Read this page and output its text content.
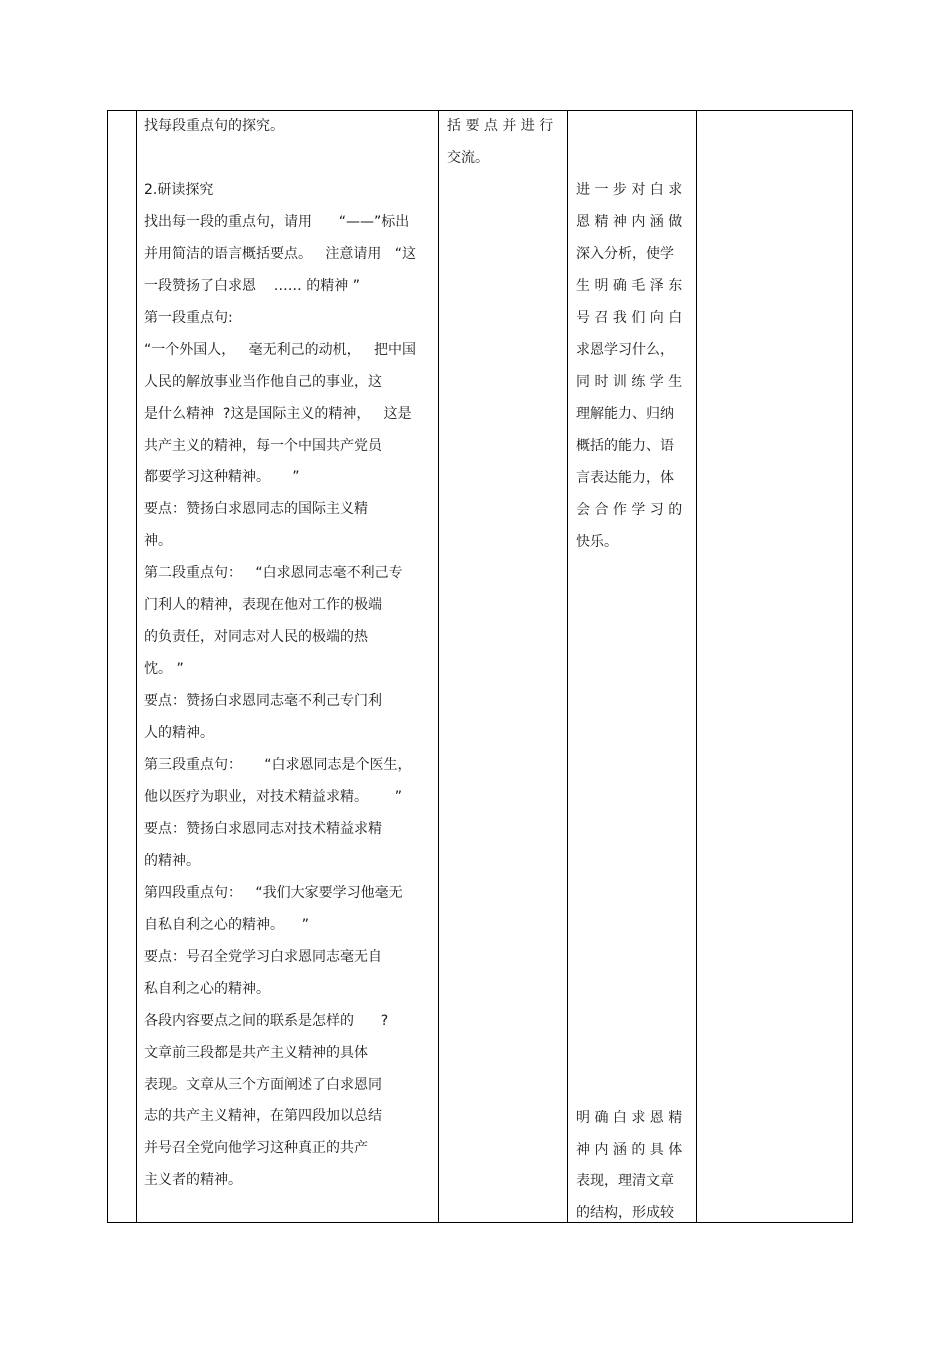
找每段重点句的探究。
2.研读探究
找出每一段的重点句，请用      “——”标出
并用简洁的语言概括要点。   注意请用   “这
一段赞扬了白求恩    …… 的精神 ”
第一段重点句:
“一个外国人，   毫无利己的动机，   把中国
人民的解放事业当作他自己的事业，这
是什么精神  ?这是国际主义的精神，   这是
共产主义的精神，每一个中国共产党员
都要学习这种精神。     ”
要点：赞扬白求恩同志的国际主义精
神。
第二段重点句：   “白求恩同志毫不利己专
门利人的精神，表现在他对工作的极端
的负责任，对同志对人民的极端的热
忱。 ”
要点：赞扬白求恩同志毫不利己专门利
人的精神。
第三段重点句：     “白求恩同志是个医生，
他以医疗为职业，对技术精益求精。      ”
要点：赞扬白求恩同志对技术精益求精
的精神。
第四段重点句：   “我们大家要学习他毫无
自私自利之心的精神。    ”
要点：号召全党学习白求恩同志毫无自
私自利之心的精神。
各段内容要点之间的联系是怎样的      ?
文章前三段都是共产主义精神的具体
表现。文章从三个方面阐述了白求恩同
志的共产主义精神，在第四段加以总结
并号召全党向他学习这种真正的共产
主义者的精神。
括 要 点 并 进 行
交流。
进 一 步 对 白 求
恩 精 神 内 涵 做
深入分析，使学
生 明 确 毛 泽 东
号 召 我 们 向 白
求恩学习什么，
同 时 训 练 学 生
理解能力、归纳
概括的能力、语
言表达能力，体
会 合 作 学 习 的
快乐。
明 确 白 求 恩 精
神 内 涵 的 具 体
表现，理清文章
的结构，形成较
